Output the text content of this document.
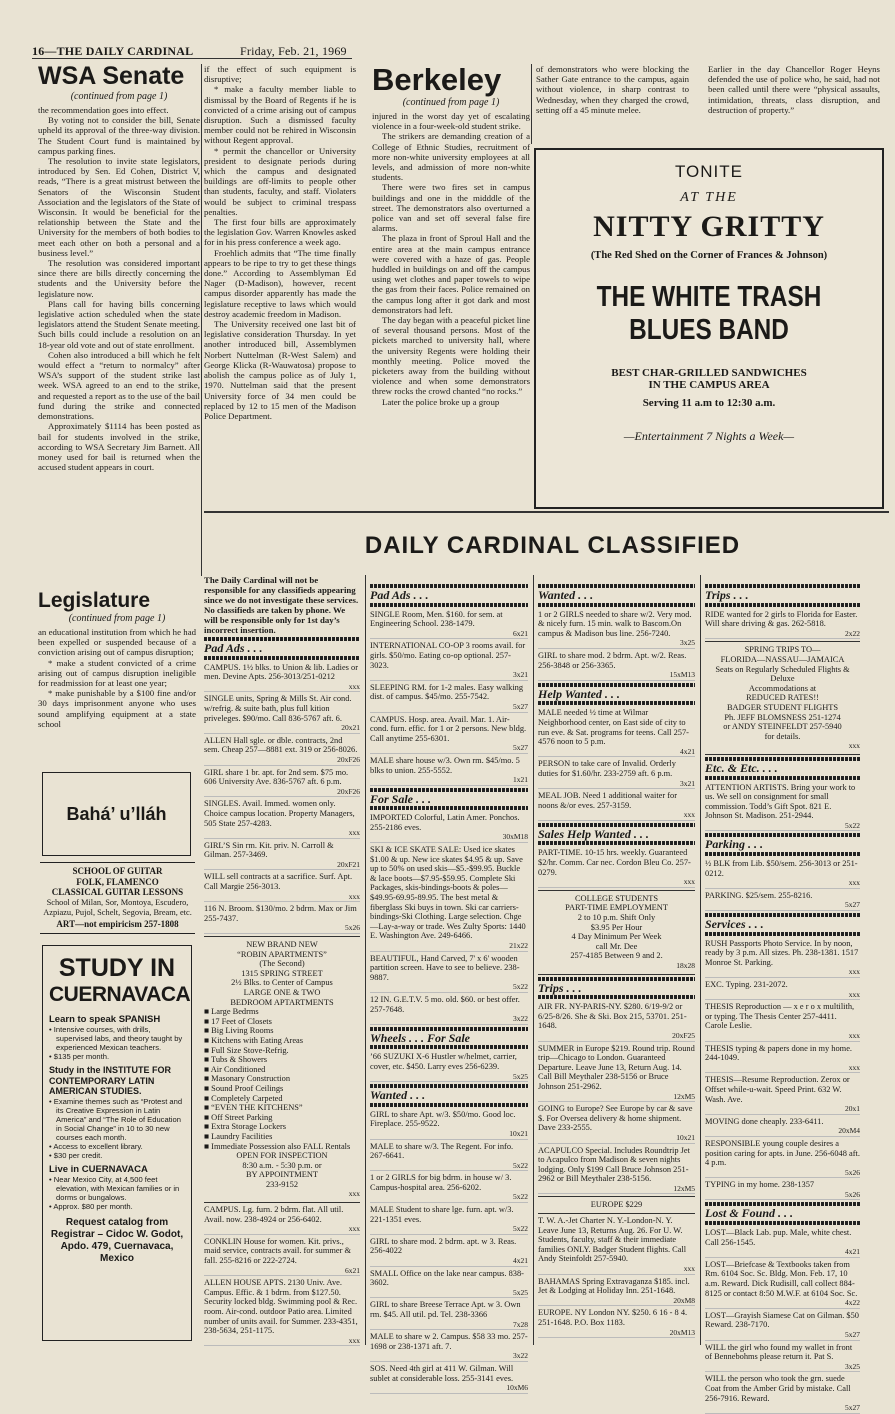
16—THE DAILY CARDINAL	Friday, Feb. 21, 1969
WSA Senate

(continued from page 1)

the recommendation goes into effect.

By voting not to consider the bill, Senate upheld its approval of the three-way division. The Student Court fund is maintained by campus parking fines.

The resolution to invite state legislators, introduced by Sen. Ed Cohen, District V, reads, “There is a great mistrust between the Senators of the Wisconsin Student Association and the legislators of the State of Wisconsin. It would be beneficial for the relationship between the State and the University for the members of both bodies to meet each other on both a personal and a business level.”

The resolution was considered important since there are bills directly concerning the students and the University before the legislature now.

Plans call for having bills concerning legislative action scheduled when the state legislators attend the Student Senate meeting. Such bills could include a resolution on an 18-year old vote and out of state enrollment.

Cohen also introduced a bill which he felt would effect a “return to normalcy” after WSA’s support of the student strike last week. WSA agreed to an end to the strike, and requested a report as to the use of the bail fund during the strike and connected demonstrations.

Approximately $1114 has been posted as bail for students involved in the strike, according to WSA Secretary Jim Barnett. All money used for bail is returned when the accused student appears in court.

if the effect of such equipment is disruptive;

* make a faculty member liable to dismissal by the Board of Regents if he is convicted of a crime arising out of campus disruption. Such a dismissed faculty member could not be rehired in Wisconsin without Regent approval.

* permit the chancellor or University president to designate periods during which the campus and designated buildings are off-limits to people other than students, faculty, and staff. Violaters would be subject to criminal trespass penalties.

The first four bills are approximately the legislation Gov. Warren Knowles asked for in his press conference a week ago.

Froehlich admits that “The time finally appears to be ripe to try to get these things done.” According to Assemblyman Ed Nager (D-Madison), however, recent campus disorder apparently has made the legislature receptive to laws which would destroy academic freedom in Madison.

The University received one last bit of legislative consideration Thursday. In yet another introduced bill, Assemblymen Norbert Nuttelman (R-West Salem) and George Klicka (R-Wauwatosa) propose to abolish the campus police as of July 1, 1970. Nuttelman said that the present University force of 34 men could be replaced by 12 to 15 men of the Madison Police Department.

Legislature

(continued from page 1)

an educational institution from which he had been expelled or suspended because of a conviction arising out of campus disruption;

* make a student convicted of a crime arising out of campus disruption ineligible for readmission for at least one year;

* make punishable by a $100 fine and/or 30 days imprisonment anyone who uses sound amplifying equipment at a state school

Bahá’ u’lláh
SCHOOL OF GUITAR
FOLK, FLAMENCO
CLASSICAL GUITAR LESSONS
School of Milan, Sor, Montoya, Escudero, Azpiazu, Pujol, Schelt, Segovia, Bream, etc.
ART—not empiricism 257-1808
STUDY IN
CUERNAVACA
Learn to speak SPANISH
• Intensive courses, with drills, supervised labs, and theory taught by experienced Mexican teachers.
• $135 per month.
Study in the INSTITUTE FOR CONTEMPORARY LATIN AMERICAN STUDIES.
• Examine themes such as “Protest and its Creative Expression in Latin America” and “The Role of Education in Social Change” in 10 to 30 new courses each month.
• Access to excellent library.
• $30 per credit.
Live in CUERNAVACA
• Near Mexico City, at 4,500 feet elevation, with Mexican families or in dorms or bungalows.
• Approx. $80 per month.
Request catalog from Registrar – Cidoc W. Godot, Apdo. 479, Cuernavaca, Mexico
Berkeley

(continued from page 1)

injured in the worst day yet of escalating violence in a four-week-old student strike.

The strikers are demanding creation of a College of Ethnic Studies, recruitment of more non-white university employees at all levels, and admission of more non-white students.

There were two fires set in campus buildings and one in the midddle of the street. The demonstrators also overturned a police van and set off several false fire alarms.

The plaza in front of Sproul Hall and the entire area at the main campus entrance were covered with a haze of gas. People huddled in buildings on and off the campus using wet clothes and paper towels to wipe the gas from their faces. Police remained on the campus long after it got dark and most demonstrators had left.

The day began with a peaceful picket line of several thousand persons. Most of the pickets marched to university hall, where the university Regents were holding their monthly meeting. Police moved the picketers away from the building without violence and when some demonstrators threw rocks the crowd chanted “no rocks.”

Later the police broke up a group

of demonstrators who were blocking the Sather Gate entrance to the campus, again without violence, in sharp contrast to Wednesday, when they charged the crowd, setting off a 45 minute melee.

Earlier in the day Chancellor Roger Heyns defended the use of police who, he said, had not been called until there were “physical assaults, intimidation, threats, class disruption, and destruction of property.”

TONITE
AT THE
NITTY GRITTY
(The Red Shed on the Corner of Frances & Johnson)
THE WHITE TRASH
BLUES BAND
BEST CHAR-GRILLED SANDWICHES
IN THE CAMPUS AREA
Serving 11 a.m to 12:30 a.m.
—Entertainment 7 Nights a Week—
DAILY CARDINAL CLASSIFIED
The Daily Cardinal will not be responsible for any classifieds appearing since we do not investigate these services. No classifieds are taken by phone. We will be responsible only for 1st day’s incorrect insertion.
Pad Ads . . .
CAMPUS. 1½ blks. to Union & lib. Ladies or men. Devine Apts. 256-3013/251-0212

xxx
SINGLE units, Spring & Mills St. Air cond. w/refrig. & suite bath, plus full kition priveleges. $90/mo. Call 836-5767 aft. 6.

20x21
ALLEN Hall sgle. or dble. contracts, 2nd sem. Cheap 257—8881 ext. 319 or 256-8026.

20xF26
GIRL share 1 br. apt. for 2nd sem. $75 mo. 606 University Ave. 836-5767 aft. 6 p.m.

20xF26
SINGLES. Avail. Immed. women only. Choice campus location. Property Managers, 505 State 257-4283.

xxx
GIRL’S Sin rm. Kit. priv. N. Carroll & Gilman. 257-3469.

20xF21
WILL sell contracts at a sacrifice. Surf. Apt. Call Margie 256-3013.

xxx
116 N. Broom. $130/mo. 2 bdrm. Max or Jim 255-7437.

5x26
NEW BRAND NEW
“ROBIN APARTMENTS”
(The Second)
1315 SPRING STREET
2½ Blks. to Center of Campus
LARGE ONE & TWO
BEDROOM APTARTMENTS
■ Large Bedrms
■ 17 Feet of Closets
■ Big Living Rooms
■ Kitchens with Eating Areas
■ Full Size Stove-Refrig.
■ Tubs & Showers
■ Air Conditioned
■ Masonary Construction
■ Sound Proof Ceilings
■ Completely Carpeted
■ “EVEN THE KITCHENS”
■ Off Street Parking
■ Extra Storage Lockers
■ Laundry Facilities
■ Immediate Possession also FALL Rentals
OPEN FOR INSPECTION
8:30 a.m. - 5:30 p.m. or
BY APPOINTMENT
233-9152
xxx
CAMPUS. Lg. furn. 2 bdrm. flat. All util. Avail. now. 238-4924 or 256-6402.

xxx
CONKLIN House for women. Kit. privs., maid service, contracts avail. for summer & fall. 255-8216 or 222-2724.

6x21
ALLEN HOUSE APTS. 2130 Univ. Ave. Campus. Effic. & 1 bdrm. from $127.50. Security locked bldg. Swimming pool & Rec. room. Air-cond. outdoor Patio area. Limited number of units avail. for Summer. 233-4351, 238-5634, 251-1175.

xxx
Pad Ads . . .
SINGLE Room, Men. $160. for sem. at Engineering School. 238-1479.

6x21
INTERNATIONAL CO-OP 3 rooms avail. for girls. $50/mo. Eating co-op optional. 257-3023.

3x21
SLEEPING RM. for 1-2 males. Easy walking dist. of campus. $45/mo. 255-7542.

5x27
CAMPUS. Hosp. area. Avail. Mar. 1. Air-cond. furn. effic. for 1 or 2 persons. New bldg. Call anytime 255-6301.

5x27
MALE share house w/3. Own rm. $45/mo. 5 blks to union. 255-5552.

1x21
For Sale . . .
IMPORTED Colorful, Latin Amer. Ponchos. 255-2186 eves.

30xM18
SKI & ICE SKATE SALE: Used ice skates $1.00 & up. New ice skates $4.95 & up. Save up to 50% on used skis—$5.-$99.95. Buckle & lace boots—$7.95-$59.95. Complete Ski Packages, skis-bindings-boots & poles—$49.95-69.95-89.95. The best metal & fiberglass Ski buys in town. Ski car carriers-bindings-Ski Clothing. Large selection. Chge—Lay-a-way or trade. Wes Zulty Sports: 1440 E. Washington Ave. 249-6466.

21x22
BEAUTIFUL, Hand Carved, 7' x 6' wooden partition screen. Have to see to believe. 238-9887.

5x22
12 IN. G.E.T.V. 5 mo. old. $60. or best offer. 257-7648.

3x22
Wheels . . . For Sale
’66 SUZUKI X-6 Hustler w/helmet, carrier, cover, etc. $450. Larry eves 256-6239.

5x25
Wanted . . .
GIRL to share Apt. w/3. $50/mo. Good loc. Fireplace. 255-9522.

10x21
MALE to share w/3. The Regent. For info. 267-6641.

5x22
1 or 2 GIRLS for big bdrm. in house w/ 3. Campus-hospital area. 256-6202.

5x22
MALE Student to share lge. furn. apt. w/3. 221-1351 eves.

5x22
GIRL to share mod. 2 bdrm. apt. w 3. Reas. 256-4022

4x21
SMALL Office on the lake near campus. 838-3602.

5x25
GIRL to share Breese Terrace Apt. w 3. Own rm. $45. All util. pd. Tel. 238-3366

7x28
MALE to share w 2. Campus. $58 33 mo. 257-1698 or 238-1371 aft. 7.

3x22
SOS. Need 4th girl at 411 W. Gilman. Will sublet at considerable loss. 255-3141 eves.

10xM6
Wanted . . .
1 or 2 GIRLS needed to share w/2. Very mod. & nicely furn. 15 min. walk to Bascom.On campus & Madison bus line. 256-7240.

3x25
GIRL to share mod. 2 bdrm. Apt. w/2. Reas. 256-3848 or 256-3365.

15xM13
Help Wanted . . .
MALE needed ½ time at Wilmar Neighborhood center, on East side of city to run eve. & Sat. programs for teens. Call 257-4576 noon to 5 p.m.

4x21
PERSON to take care of Invalid. Orderly duties for $1.60/hr. 233-2759 aft. 6 p.m.

3x21
MEAL JOB. Need 1 additional waiter for noons &/or eves. 257-3159.

xxx
Sales Help Wanted . . .
PART-TIME. 10-15 hrs. weekly. Guaranteed $2/hr. Comm. Car nec. Cordon Bleu Co. 257-0279.

xxx
COLLEGE STUDENTS
PART-TIME EMPLOYMENT
2 to 10 p.m. Shift Only
$3.95 Per Hour
4 Day Minimum Per Week
call Mr. Dee
257-4185 Between 9 and 2.
18x28
Trips . . .
AIR FR. NY-PARIS-NY. $280. 6/19-9/2 or 6/25-8/26. She & Ski. Box 215, 53701. 251-1648.

20xF25
SUMMER in Europe $219. Round trip. Round trip—Chicago to London. Guaranteed Departure. Leave June 13, Return Aug. 14. Call Bill Meythaler 238-5156 or Bruce Johnson 251-2962.

12xM5
GOING to Europe? See Europe by car & save $. For Oversea delivery & home shipment. Dave 233-2555.

10x21
ACAPULCO Special. Includes Roundtrip Jet to Acapulco from Madison & seven nights lodging. Only $199 Call Bruce Johnson 251-2962 or Bill Meythaler 238-5156.

12xM5
EUROPE $229
T. W. A.-Jet Charter N. Y.-London-N. Y. Leave June 13, Returns Aug. 26. For U. W. Students, faculty, staff & their immediate families ONLY. Badger Student flights. Call Andy Steinfoldt 257-5940.

xxx
BAHAMAS Spring Extravaganza $185. incl. Jet & Lodging at Holiday Inn. 251-1648.

20xM8
EUROPE. NY London NY. $250. 6 16 - 8 4. 251-1648. P.O. Box 1183.

20xM13
Trips . . .
RIDE wanted for 2 girls to Florida for Easter. Will share driving & gas. 262-5818.

2x22
SPRING TRIPS TO—
FLORIDA—NASSAU—JAMAICA
Seats on Regularly Scheduled Flights & Deluxe
Accommodations at
REDUCED RATES!!
BADGER STUDENT FLIGHTS
Ph. JEFF BLOMSNESS 251-1274
or ANDY STEINFELDT 257-5940
for details.
xxx
Etc. & Etc. . . .
ATTENTION ARTISTS. Bring your work to us. We sell on consignment for small commission. Todd’s Gift Spot. 821 E. Johnson St. Madison. 251-2944.

5x22
Parking . . .
½ BLK from Lib. $50/sem. 256-3013 or 251-0212.

xxx
PARKING. $25/sem. 255-8216.

5x27
Services . . .
RUSH Passports Photo Service. In by noon, ready by 3 p.m. All sizes. Ph. 238-1381. 1517 Monroe St. Parking.

xxx
EXC. Typing. 231-2072.

xxx
THESIS Reproduction — x e r o x multilith, or typing. The Thesis Center 257-4411. Carole Leslie.

xxx
THESIS typing & papers done in my home. 244-1049.

xxx
THESIS—Resume Reproduction. Zerox or Offset while-u-wait. Speed Print. 632 W. Wash. Ave.

20x1
MOVING done cheaply. 233-6411.

20xM4
RESPONSIBLE young couple desires a position caring for apts. in June. 256-6048 aft. 4 p.m.

5x26
TYPING in my home. 238-1357

5x26
Lost & Found . . .
LOST—Black Lab. pup. Male, white chest. Call 256-1545.

4x21
LOST—Briefcase & Textbooks taken from Rm. 6104 Soc. Sc. Bldg. Mon. Feb. 17, 10 a.m. Reward. Dick Rudisill, call collect 884-8125 or contact 8:50 M.W.F. at 6104 Soc. Sc.

4x22
LOST—Grayish Siamese Cat on Gilman. $50 Reward. 238-7170.

5x27
WILL the girl who found my wallet in front of Bennebohms please return it. Pat S.

3x25
WILL the person who took the grn. suede Coat from the Amber Grid by mistake. Call 256-7916. Reward.

5x27
